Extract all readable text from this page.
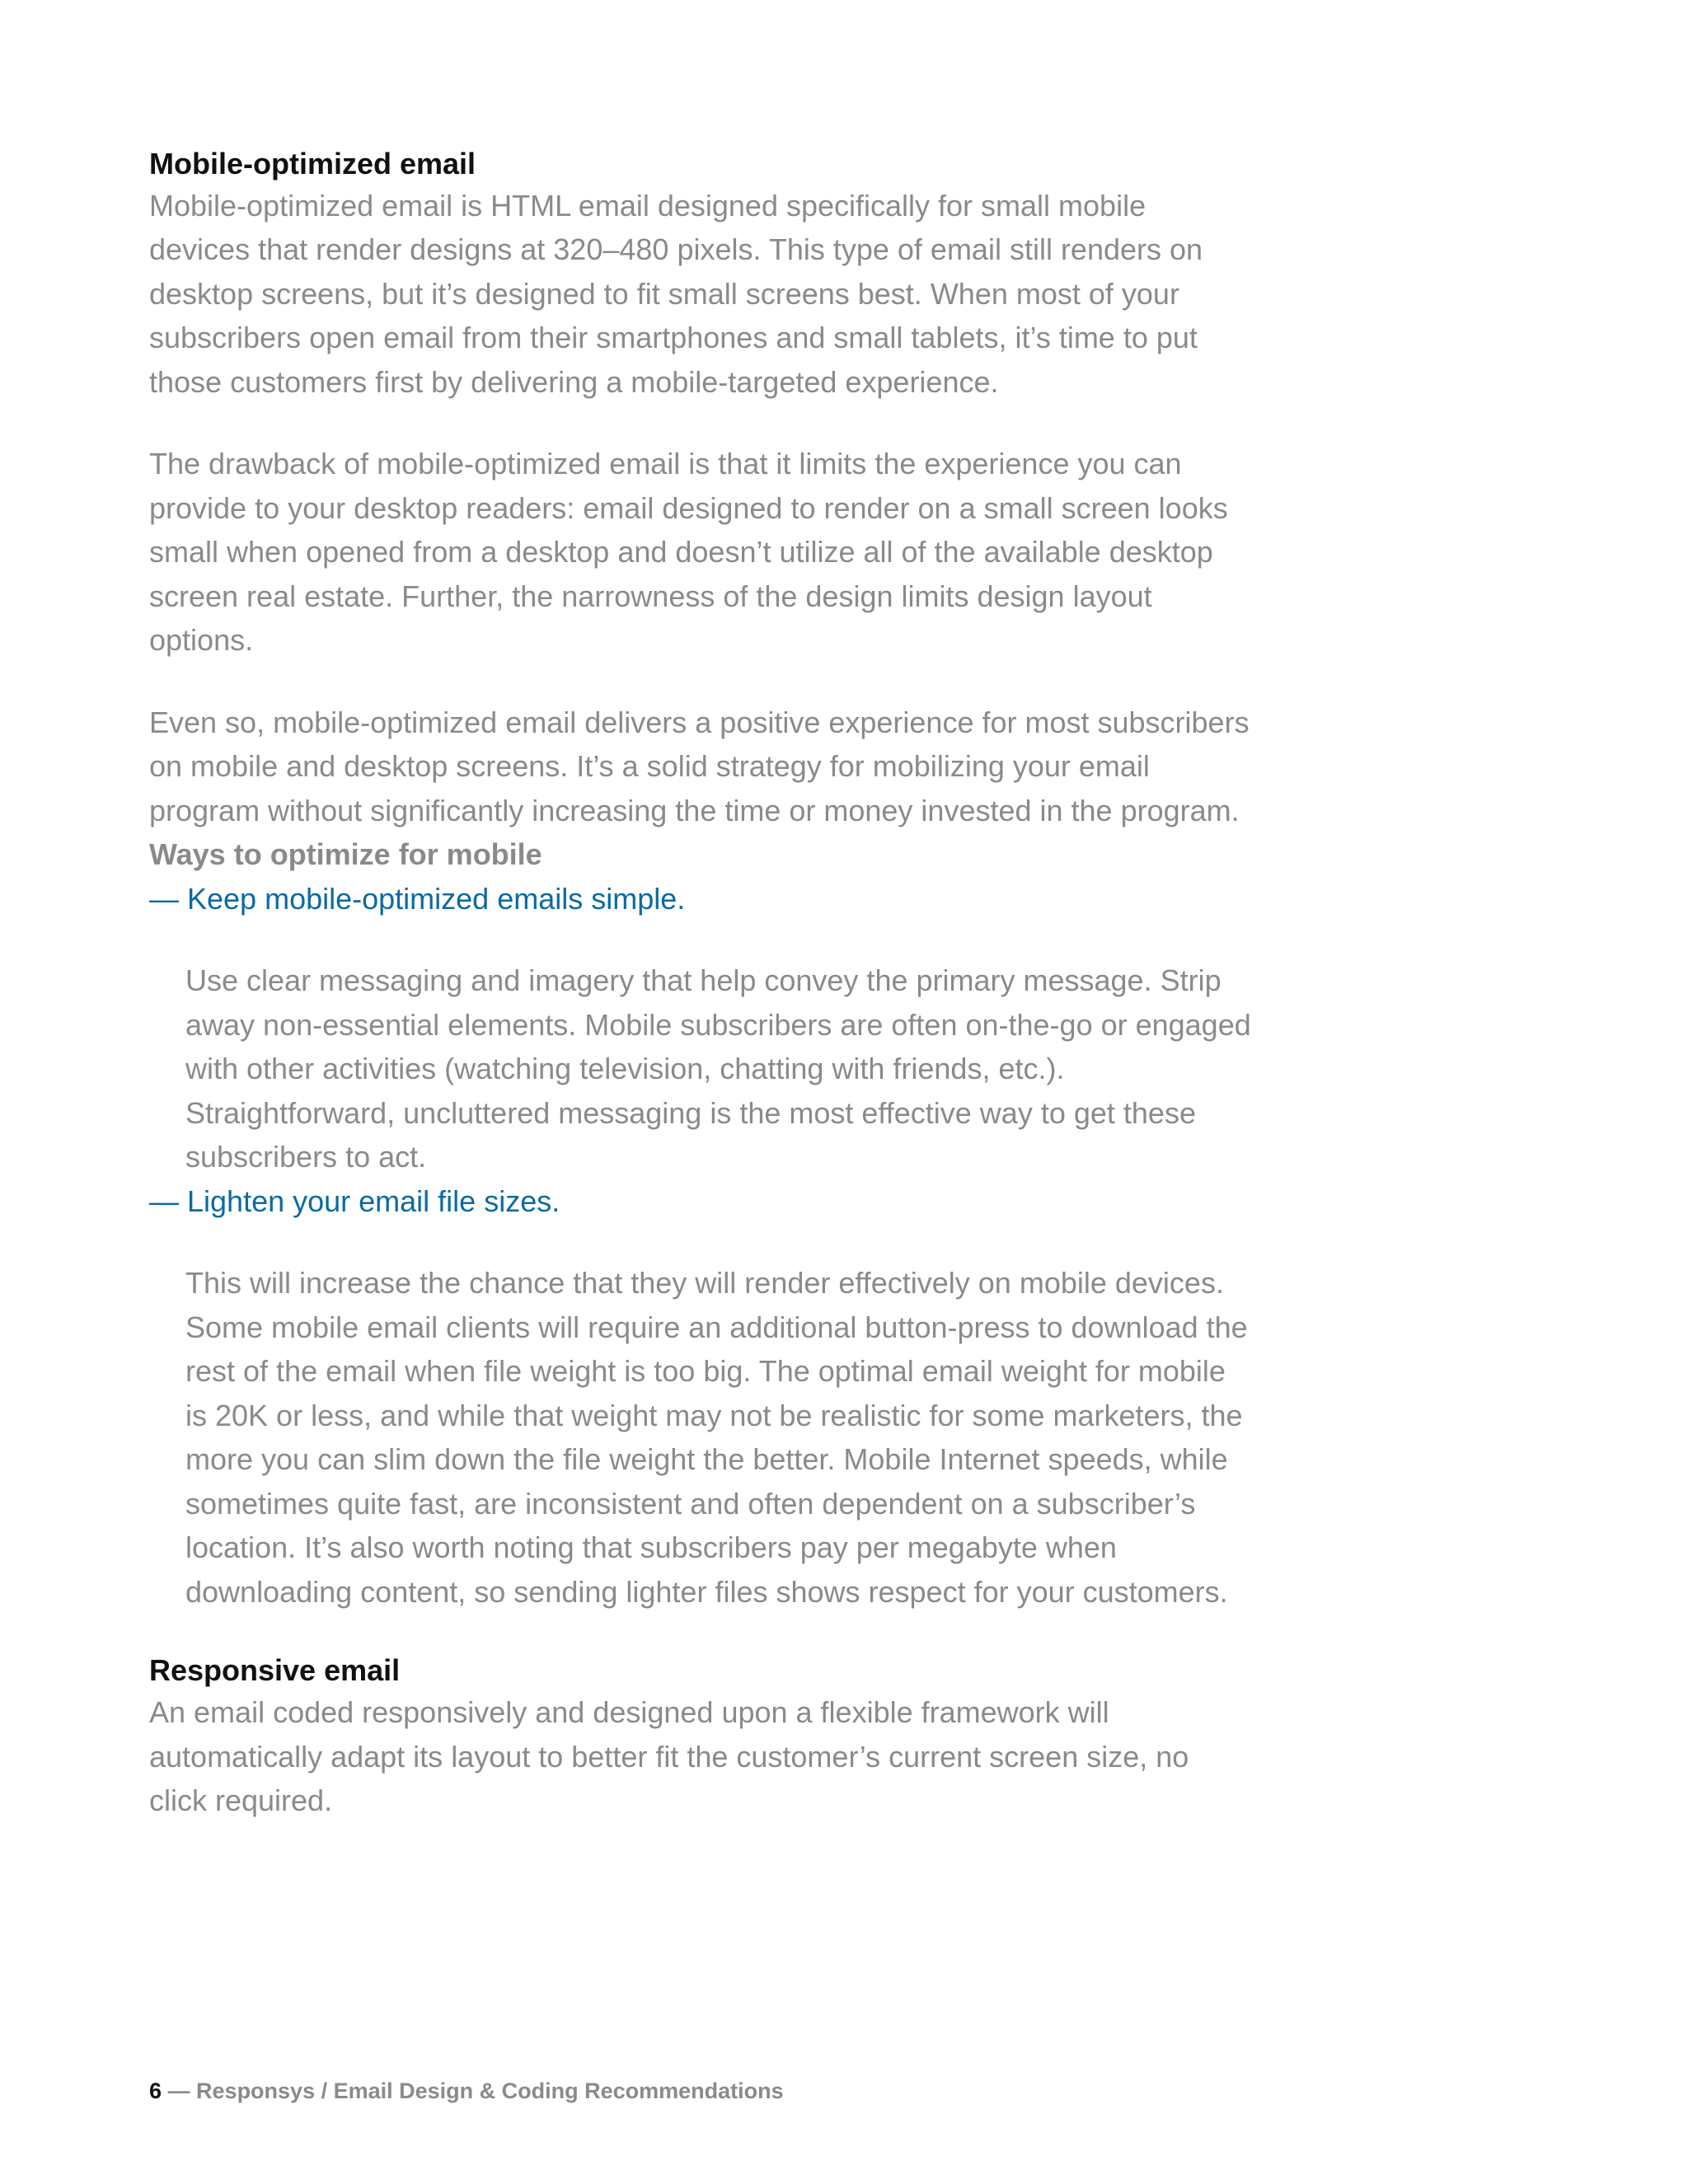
Mobile-optimized email

Mobile-optimized email is HTML email designed specifically for small mobile devices that render designs at 320–480 pixels. This type of email still renders on desktop screens, but it’s designed to fit small screens best. When most of your subscribers open email from their smartphones and small tablets, it’s time to put those customers first by delivering a mobile-targeted experience.

The drawback of mobile-optimized email is that it limits the experience you can provide to your desktop readers: email designed to render on a small screen looks small when opened from a desktop and doesn’t utilize all of the available desktop screen real estate. Further, the narrowness of the design limits design layout options.

Even so, mobile-optimized email delivers a positive experience for most subscribers on mobile and desktop screens. It’s a solid strategy for mobilizing your email program without significantly increasing the time or money invested in the program.

Ways to optimize for mobile

— Keep mobile-optimized emails simple.

Use clear messaging and imagery that help convey the primary message. Strip away non-essential elements. Mobile subscribers are often on-the-go or engaged with other activities (watching television, chatting with friends, etc.). Straightforward, uncluttered messaging is the most effective way to get these subscribers to act.

— Lighten your email file sizes.

This will increase the chance that they will render effectively on mobile devices. Some mobile email clients will require an additional button-press to download the rest of the email when file weight is too big. The optimal email weight for mobile is 20K or less, and while that weight may not be realistic for some marketers, the more you can slim down the file weight the better. Mobile Internet speeds, while sometimes quite fast, are inconsistent and often dependent on a subscriber’s location. It’s also worth noting that subscribers pay per megabyte when downloading content, so sending lighter files shows respect for your customers.

Responsive email

An email coded responsively and designed upon a flexible framework will automatically adapt its layout to better fit the customer’s current screen size, no click required.

6 — Responsys / Email Design & Coding Recommendations
